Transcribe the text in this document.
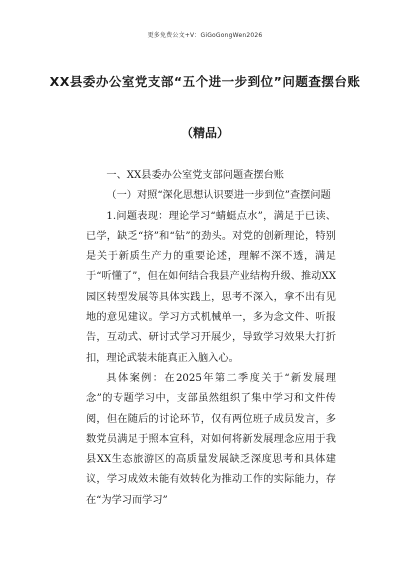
更多免费公文+V：GiGoGongWen2026
XX县委办公室党支部“五个进一步到位”问题查摆台账
（精品）

一、XX县委办公室党支部问题查摆台账

（一）对照“深化思想认识要进一步到位”查摆问题

1.问题表现：理论学习“蜻蜓点水”，满足于已读、已学，缺乏“挤”和“钻”的劲头。对党的创新理论，特别是关于新质生产力的重要论述，理解不深不透，满足于“听懂了”，但在如何结合我县产业结构升级、推动XX园区转型发展等具体实践上，思考不深入，拿不出有见地的意见建议。学习方式机械单一，多为念文件、听报告，互动式、研讨式学习开展少，导致学习效果大打折扣，理论武装未能真正入脑入心。

具体案例：在2025年第二季度关于“新发展理念”的专题学习中，支部虽然组织了集中学习和文件传阅，但在随后的讨论环节，仅有两位班子成员发言，多数党员满足于照本宣科，对如何将新发展理念应用于我县XX生态旅游区的高质量发展缺乏深度思考和具体建议，学习成效未能有效转化为推动工作的实际能力，存在“为学习而学习”
